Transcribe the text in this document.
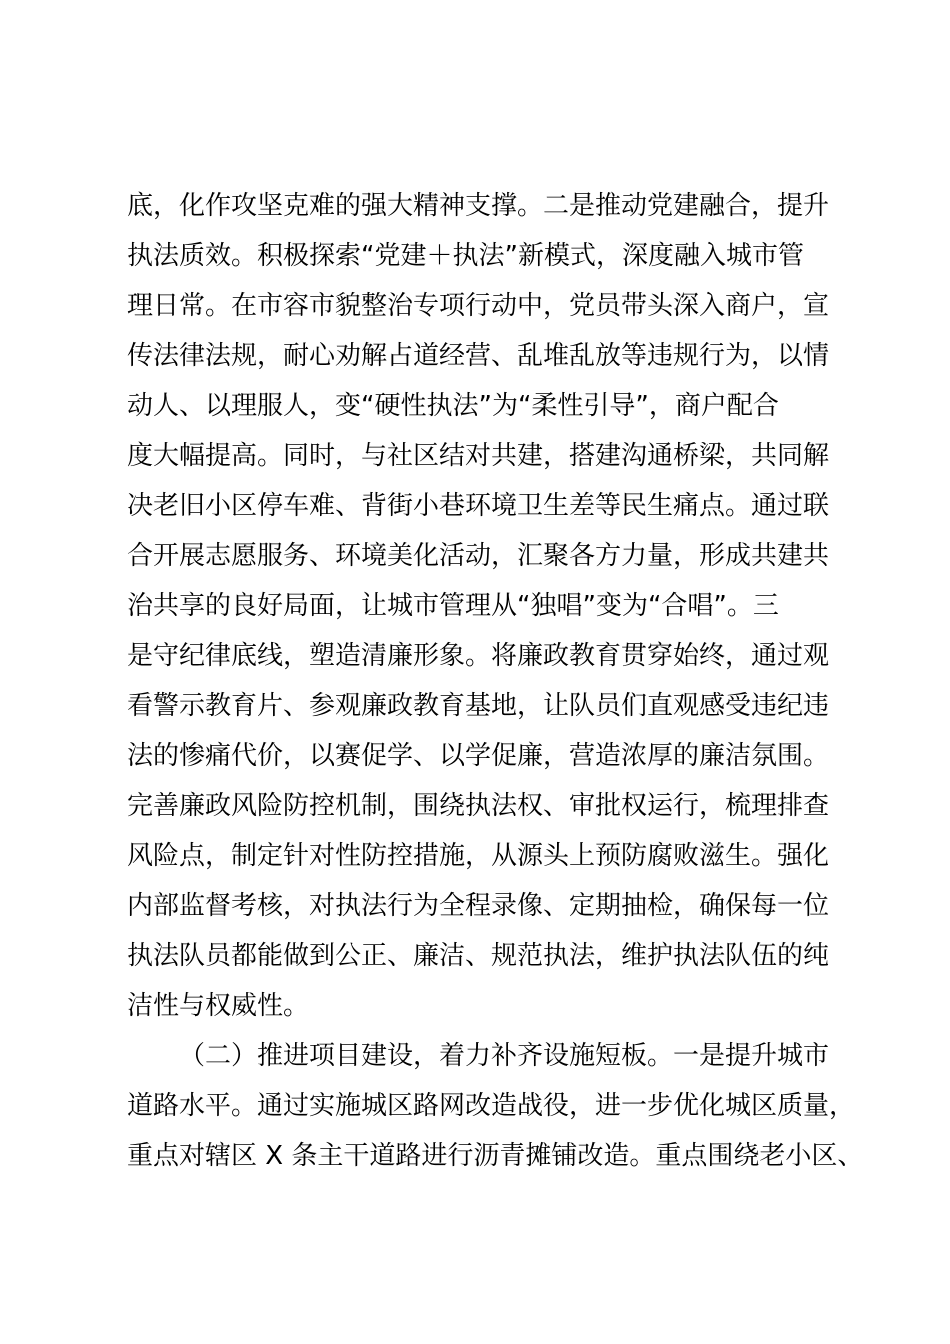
底，化作攻坚克难的强大精神支撑。二是推动党建融合，提升
执法质效。积极探索“党建＋执法”新模式，深度融入城市管
理日常。在市容市貌整治专项行动中，党员带头深入商户，宣
传法律法规，耐心劝解占道经营、乱堆乱放等违规行为，以情
动人、以理服人，变“硬性执法”为“柔性引导”，商户配合
度大幅提高。同时，与社区结对共建，搭建沟通桥梁，共同解
决老旧小区停车难、背街小巷环境卫生差等民生痛点。通过联
合开展志愿服务、环境美化活动，汇聚各方力量，形成共建共
治共享的良好局面，让城市管理从“独唱”变为“合唱”。三
是守纪律底线，塑造清廉形象。将廉政教育贯穿始终，通过观
看警示教育片、参观廉政教育基地，让队员们直观感受违纪违
法的惨痛代价，以赛促学、以学促廉，营造浓厚的廉洁氛围。
完善廉政风险防控机制，围绕执法权、审批权运行，梳理排查
风险点，制定针对性防控措施，从源头上预防腐败滋生。强化
内部监督考核，对执法行为全程录像、定期抽检，确保每一位
执法队员都能做到公正、廉洁、规范执法，维护执法队伍的纯
洁性与权威性。
（二）推进项目建设，着力补齐设施短板。一是提升城市
道路水平。通过实施城区路网改造战役，进一步优化城区质量，
重点对辖区 X 条主干道路进行沥青摊铺改造。重点围绕老小区、
